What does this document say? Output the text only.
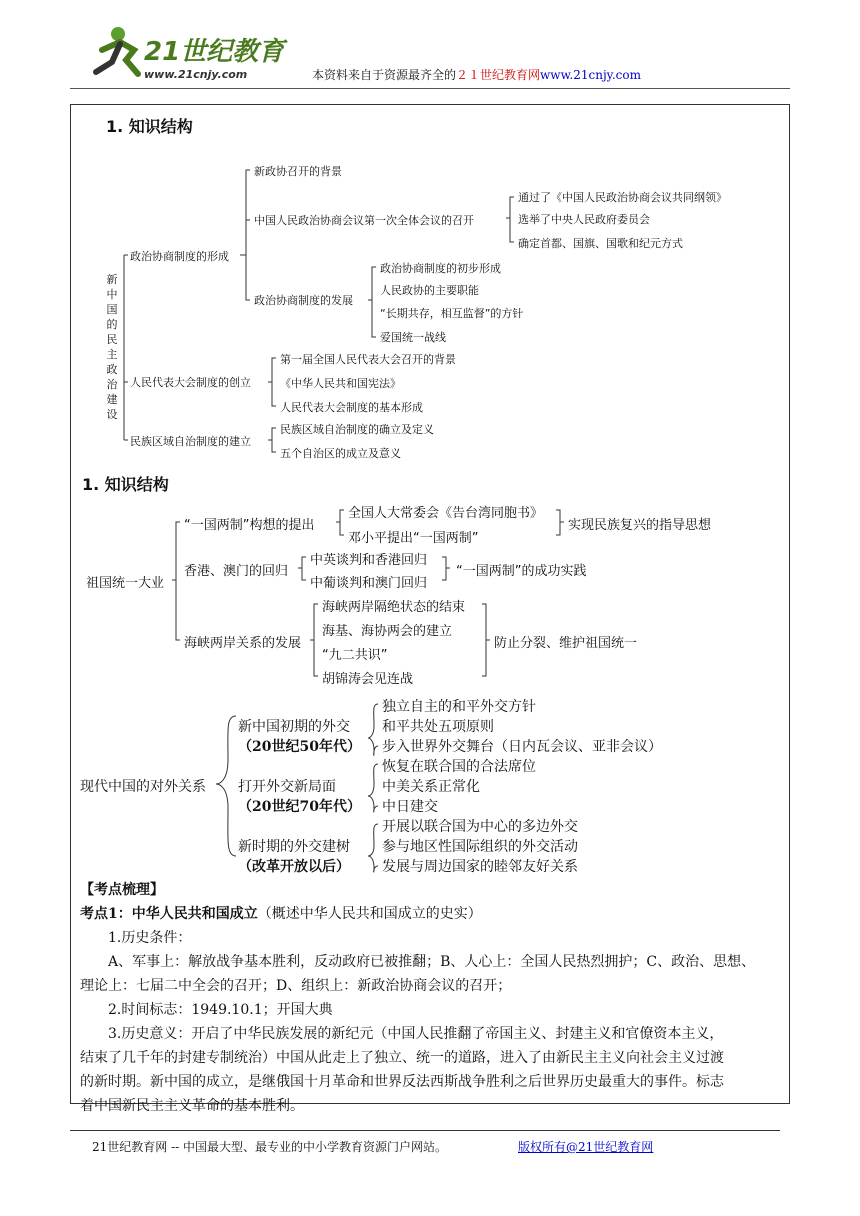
21世纪教育
www.21cnjy.com	本资料来自于资源最齐全的２１世纪教育网www.21cnjy.com
1. 知识结构
新中国的民主政治建设
政治协商制度的形成
新政协召开的背景
中国人民政治协商会议第一次全体会议的召开
通过了《中国人民政治协商会议共同纲领》
选举了中央人民政府委员会
确定首都、国旗、国歌和纪元方式
政治协商制度的发展
政治协商制度的初步形成
人民政协的主要职能
“长期共存，相互监督”的方针
爱国统一战线
人民代表大会制度的创立
第一届全国人民代表大会召开的背景
《中华人民共和国宪法》
人民代表大会制度的基本形成
民族区域自治制度的建立
民族区域自治制度的确立及定义
五个自治区的成立及意义
1. 知识结构
祖国统一大业
“一国两制”构想的提出
全国人大常委会《告台湾同胞书》
邓小平提出“一国两制”
实现民族复兴的指导思想
香港、澳门的回归
中英谈判和香港回归
中葡谈判和澳门回归
“一国两制”的成功实践
海峡两岸关系的发展
海峡两岸隔绝状态的结束
海基、海协两会的建立
“九二共识”
胡锦涛会见连战
防止分裂、维护祖国统一
现代中国的对外关系
新中国初期的外交
（20世纪50年代）
独立自主的和平外交方针
和平共处五项原则
步入世界外交舞台（日内瓦会议、亚非会议）
打开外交新局面
（20世纪70年代）
恢复在联合国的合法席位
中美关系正常化
中日建交
新时期的外交建树
（改革开放以后）
开展以联合国为中心的多边外交
参与地区性国际组织的外交活动
发展与周边国家的睦邻友好关系
【考点梳理】
考点1：中华人民共和国成立（概述中华人民共和国成立的史实）
1.历史条件：
A、军事上：解放战争基本胜利，反动政府已被推翻；B、人心上：全国人民热烈拥护；C、政治、思想、
理论上：七届二中全会的召开；D、组织上：新政治协商会议的召开；
2.时间标志：1949.10.1；开国大典
3.历史意义：开启了中华民族发展的新纪元（中国人民推翻了帝国主义、封建主义和官僚资本主义，
结束了几千年的封建专制统治）中国从此走上了独立、统一的道路，进入了由新民主主义向社会主义过渡
的新时期。新中国的成立，是继俄国十月革命和世界反法西斯战争胜利之后世界历史最重大的事件。标志
着中国新民主主义革命的基本胜利。
21世纪教育网 -- 中国最大型、最专业的中小学教育资源门户网站。	版权所有@21世纪教育网
